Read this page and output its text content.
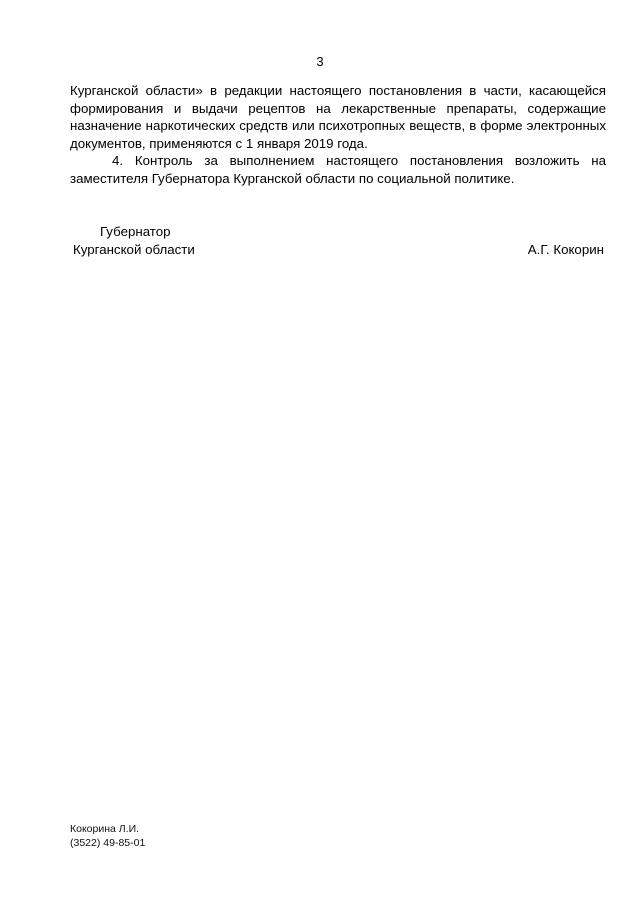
3

Курганской области» в редакции настоящего постановления в части, касающейся формирования и выдачи рецептов на лекарственные препараты, содержащие назначение наркотических средств или психотропных веществ, в форме электронных документов, применяются с 1 января 2019 года.

4. Контроль за выполнением настоящего постановления возложить на заместителя Губернатора Курганской области по социальной политике.

Губернатор
Курганской области	А.Г. Кокорин
Кокорина Л.И.
(3522) 49-85-01
